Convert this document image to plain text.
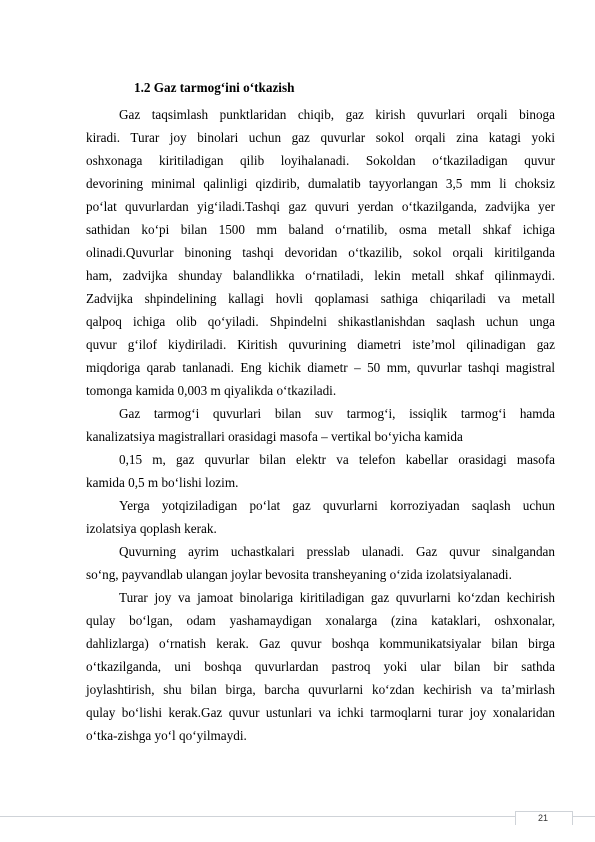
1.2 Gaz tarmog‘ini o‘tkazish
Gaz taqsimlash punktlaridan chiqib, gaz kirish quvurlari orqali binoga
kiradi. Turar joy binolari uchun gaz quvurlar sokol orqali zina katagi yoki
oshxonaga kiritiladigan qilib loyihalanadi. Sokoldan o‘tkaziladigan quvur
devorining minimal qalinligi qizdirib, dumalatib tayyorlangan 3,5 mm li choksiz
po‘lat quvurlardan yig‘iladi.Tashqi gaz quvuri yerdan o‘tkazilganda, zadvijka yer
sathidan ko‘pi bilan 1500 mm baland o‘rnatilib, osma metall shkaf ichiga
olinadi.Quvurlar binoning tashqi devoridan o‘tkazilib, sokol orqali kiritilganda
ham, zadvijka shunday balandlikka o‘rnatiladi, lekin metall shkaf qilinmaydi.
Zadvijka shpindelining kallagi hovli qoplamasi sathiga chiqariladi va metall
qalpoq ichiga olib qo‘yiladi. Shpindelni shikastlanishdan saqlash uchun unga
quvur g‘ilof kiydiriladi. Kiritish quvurining diametri iste’mol qilinadigan gaz
miqdoriga qarab tanlanadi. Eng kichik diametr – 50 mm, quvurlar tashqi magistral
tomonga kamida 0,003 m qiyalikda o‘tkaziladi.
Gaz tarmog‘i quvurlari bilan suv tarmog‘i, issiqlik tarmog‘i hamda
kanalizatsiya magistrallari orasidagi masofa – vertikal bo‘yicha kamida
0,15 m, gaz quvurlar bilan elektr va telefon kabellar orasidagi masofa
kamida 0,5 m bo‘lishi lozim.
Yerga yotqiziladigan po‘lat gaz quvurlarni korroziyadan saqlash uchun
izolatsiya qoplash kerak.
Quvurning ayrim uchastkalari presslab ulanadi. Gaz quvur sinalgandan
so‘ng, payvandlab ulangan joylar bevosita transheyaning o‘zida izolatsiyalanadi.
Turar joy va jamoat binolariga kiritiladigan gaz quvurlarni ko‘zdan kechirish
qulay bo‘lgan, odam yashamaydigan xonalarga (zina kataklari, oshxonalar,
dahlizlarga) o‘rnatish kerak. Gaz quvur boshqa kommunikatsiyalar bilan birga
o‘tkazilganda, uni boshqa quvurlardan pastroq yoki ular bilan bir sathda
joylashtirish, shu bilan birga, barcha quvurlarni ko‘zdan kechirish va ta’mirlash
qulay bo‘lishi kerak.Gaz quvur ustunlari va ichki tarmoqlarni turar joy xonalaridan
o‘tka-zishga yo‘l qo‘yilmaydi.
21
